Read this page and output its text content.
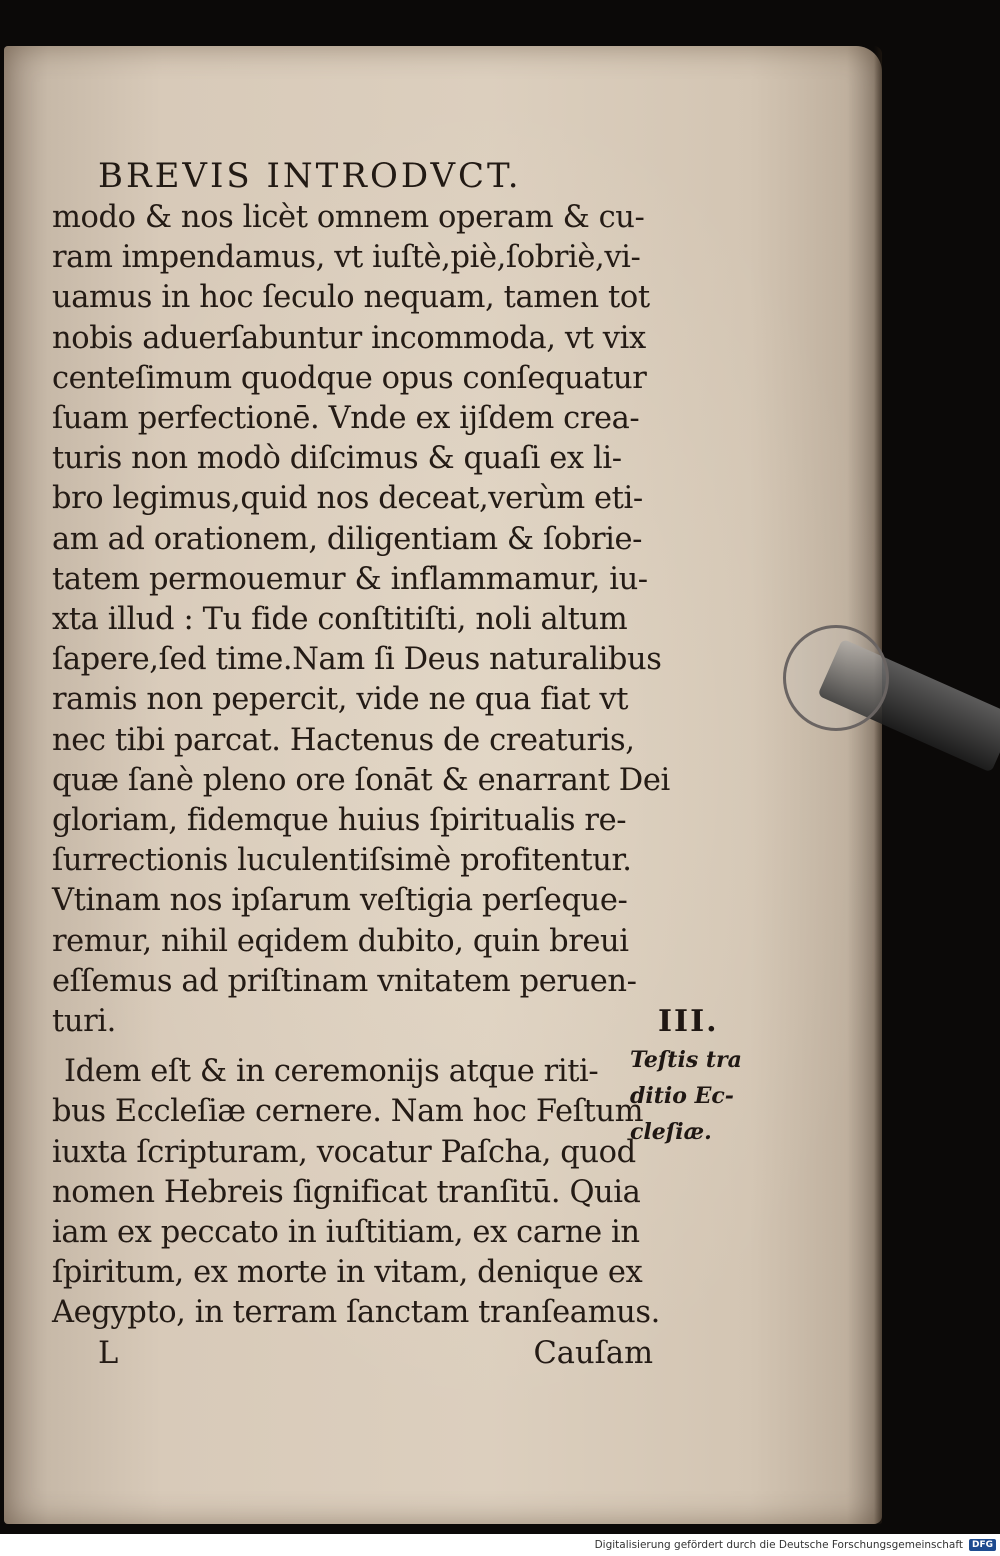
BREVIS INTRODVCT.
modo & nos licèt omnem operam & cu-
ram impendamus, vt iuſtè,piè,ſobriè,vi-
uamus in hoc ſeculo nequam, tamen tot
nobis aduerſabuntur incommoda, vt vix
centeſimum quodque opus conſequatur
ſuam perfectionē. Vnde ex ijſdem crea-
turis non modò diſcimus & quaſi ex li-
bro legimus,quid nos deceat,verùm eti-
am ad orationem, diligentiam & ſobrie-
tatem permouemur & inflammamur, iu-
xta illud : Tu fide conſtitiſti, noli altum
ſapere,ſed time.Nam ſi Deus naturalibus
ramis non pepercit, vide ne qua fiat vt
nec tibi parcat. Hactenus de creaturis,
quæ ſanè pleno ore ſonāt & enarrant Dei
gloriam, fidemque huius ſpiritualis re-
ſurrectionis luculentiſsimè profitentur.
Vtinam nos ipſarum veſtigia perſeque-
remur, nihil eqidem dubito, quin breui
eſſemus ad priſtinam vnitatem peruen-
turi.
Idem eſt & in ceremonijs atque riti-
bus Eccleſiæ cernere. Nam hoc Feſtum
iuxta ſcripturam, vocatur Paſcha, quod
nomen Hebreis ſignificat tranſitū. Quia
iam ex peccato in iuſtitiam, ex carne in
ſpiritum, ex morte in vitam, denique ex
Aegypto, in terram ſanctam tranſeamus.
L	Cauſam
III.
Teſtis tra
ditio Ec-
cleſiæ.
Digitalisierung gefördert durch die Deutsche Forschungsgemeinschaft	DFG
